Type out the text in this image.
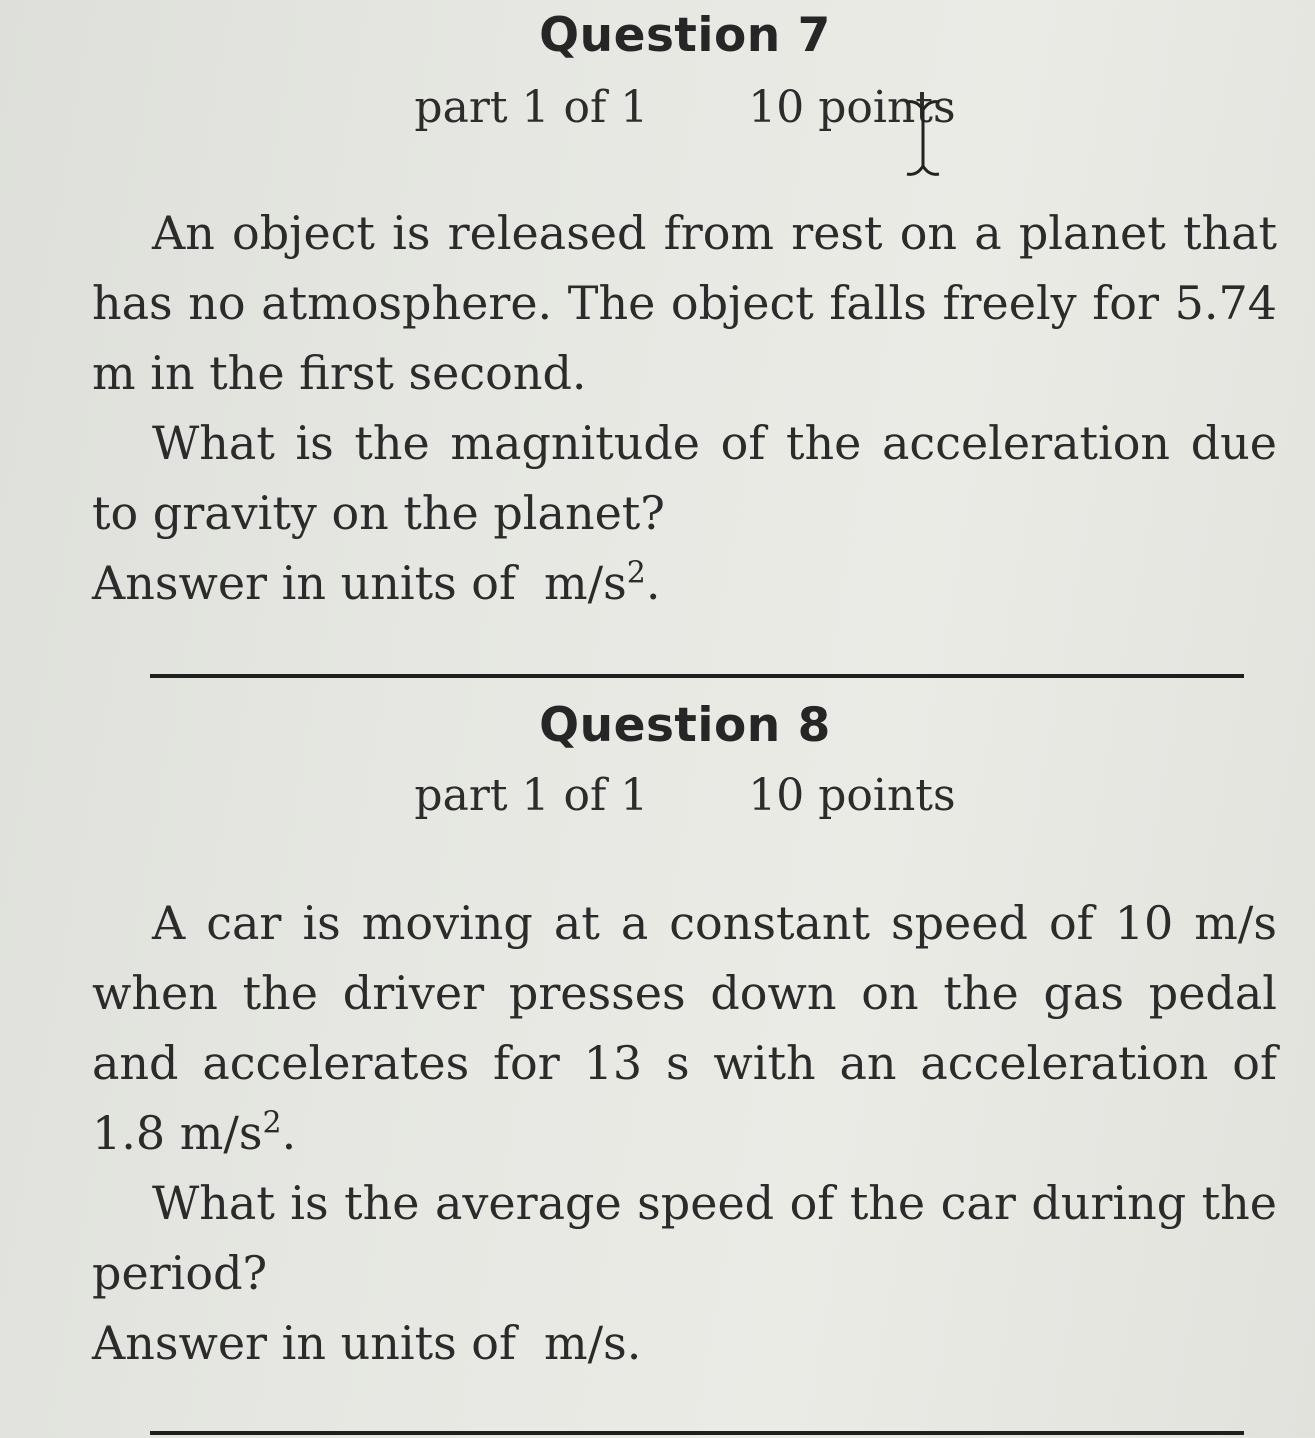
Question 7
part 1 of 1 10 points
An object is released from rest on a planet that has no atmosphere. The object falls freely for 5.74 m in the first second.
What is the magnitude of the acceleration due to gravity on the planet?
Answer in units of $m/s^2$.
Question 8
part 1 of 1 10 points
A car is moving at a constant speed of 10 m/s when the driver presses down on the gas pedal and accelerates for 13 s with an acceleration of 1.8 $m/s^2$.
What is the average speed of the car during the period?
Answer in units of m/s.
